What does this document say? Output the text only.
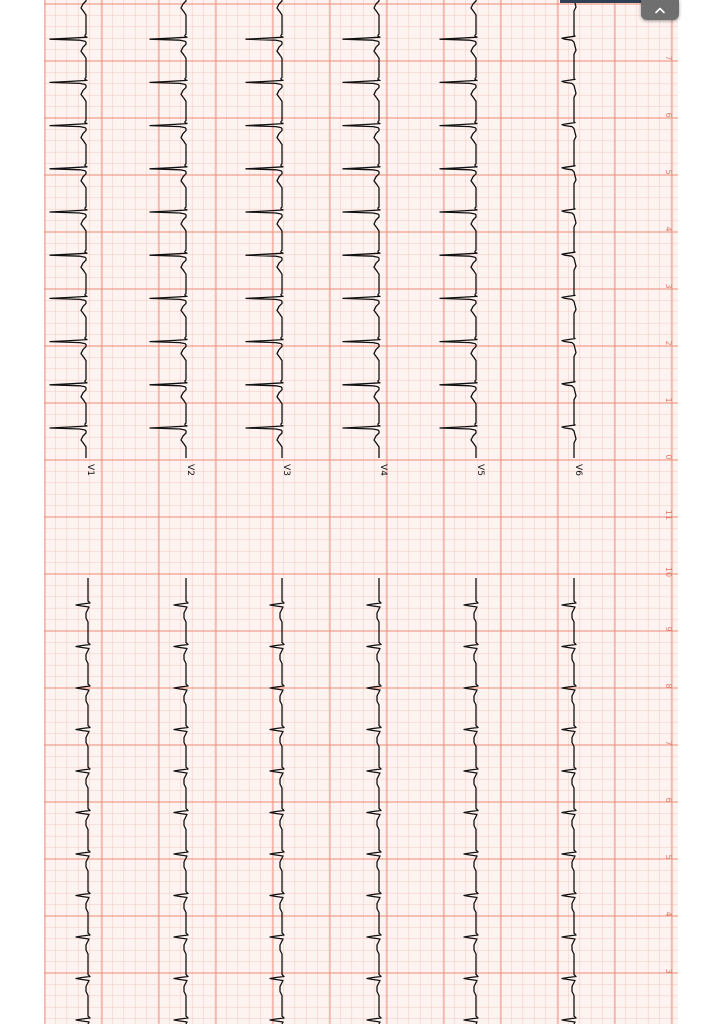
V1	V2	V3	V4	V5	V6
0
1
2
3
4
5
6
7
3
4
5
6
7
8
9
10
11
